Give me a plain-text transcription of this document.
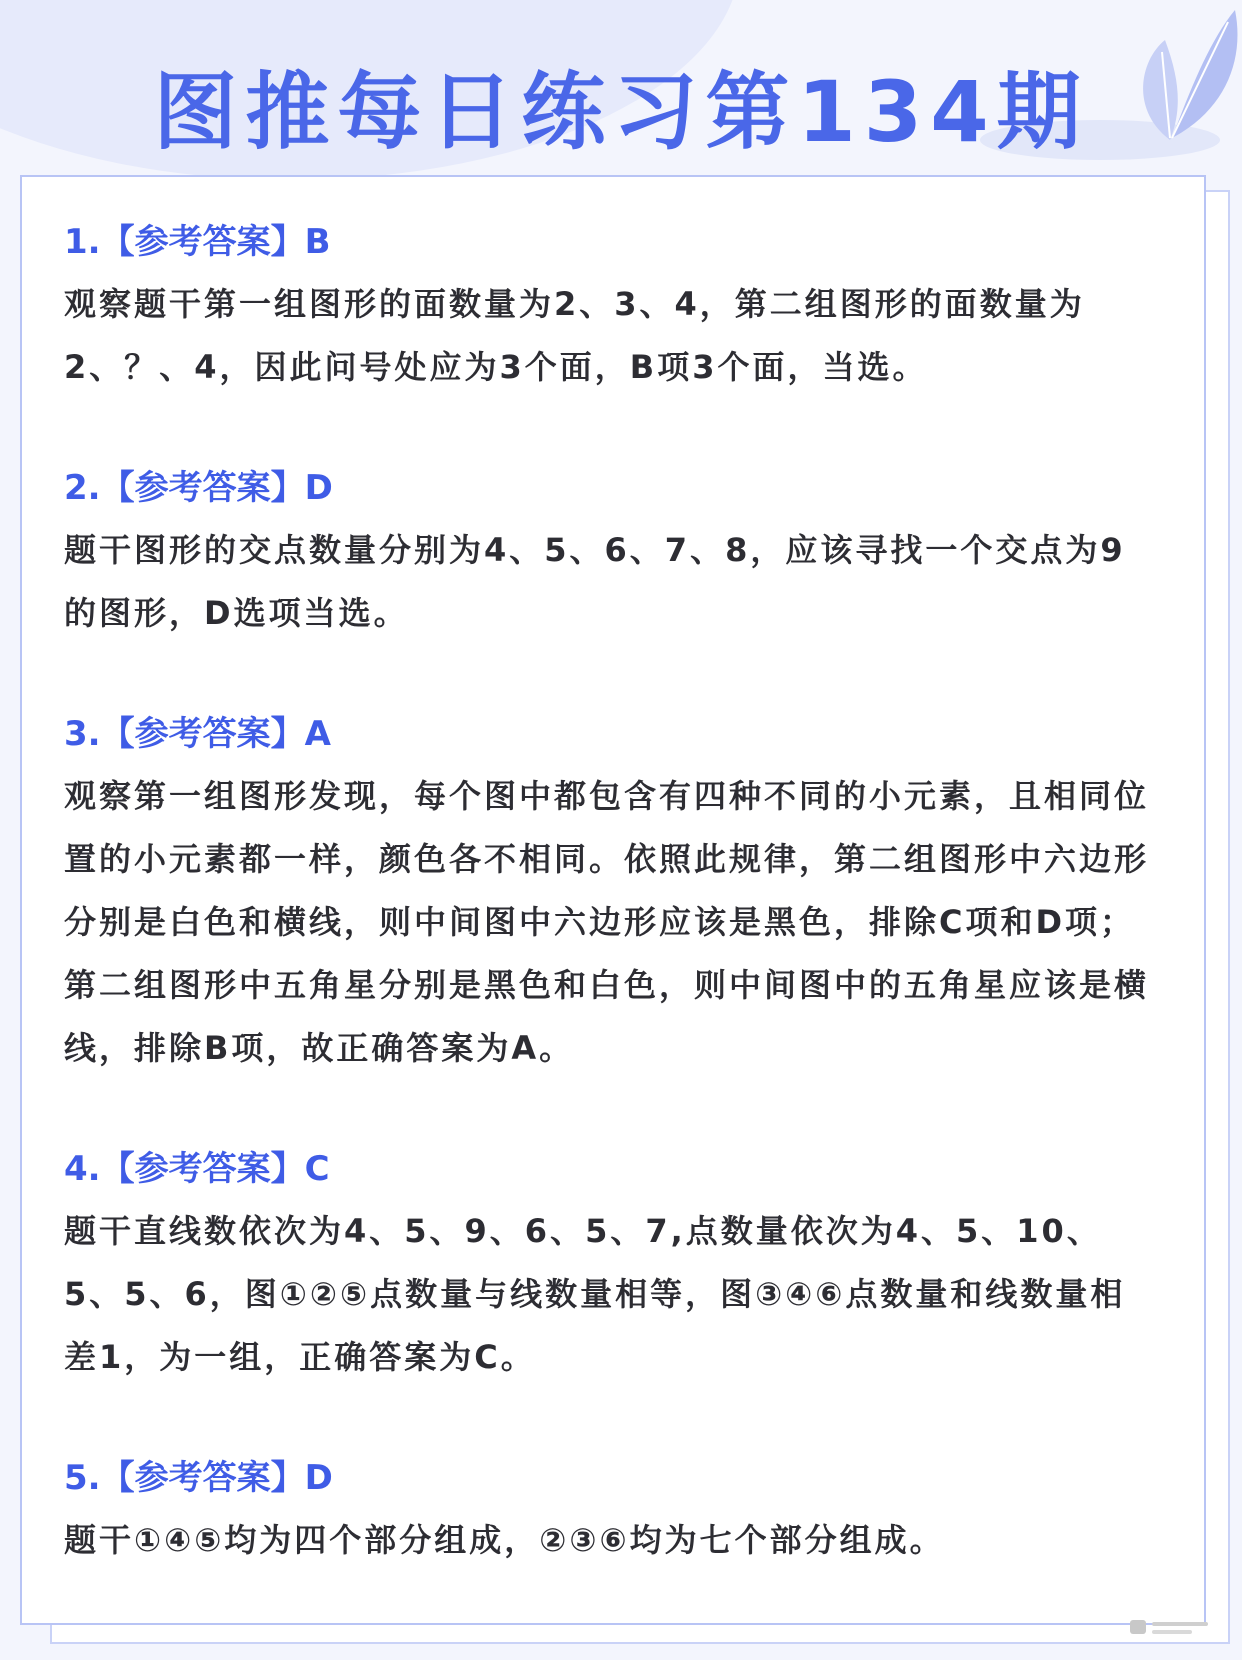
图推每日练习第134期

1.【参考答案】B

观察题干第一组图形的面数量为2、3、4，第二组图形的面数量为2、？、4，因此问号处应为3个面，B项3个面，当选。

2.【参考答案】D

题干图形的交点数量分别为4、5、6、7、8，应该寻找一个交点为9的图形，D选项当选。

3.【参考答案】A

观察第一组图形发现，每个图中都包含有四种不同的小元素，且相同位置的小元素都一样，颜色各不相同。依照此规律，第二组图形中六边形分别是白色和横线，则中间图中六边形应该是黑色，排除C项和D项；第二组图形中五角星分别是黑色和白色，则中间图中的五角星应该是横线，排除B项，故正确答案为A。

4.【参考答案】C

题干直线数依次为4、5、9、6、5、7,点数量依次为4、5、10、5、5、6，图①②⑤点数量与线数量相等，图③④⑥点数量和线数量相差1，为一组，正确答案为C。

5.【参考答案】D

题干①④⑤均为四个部分组成，②③⑥均为七个部分组成。
